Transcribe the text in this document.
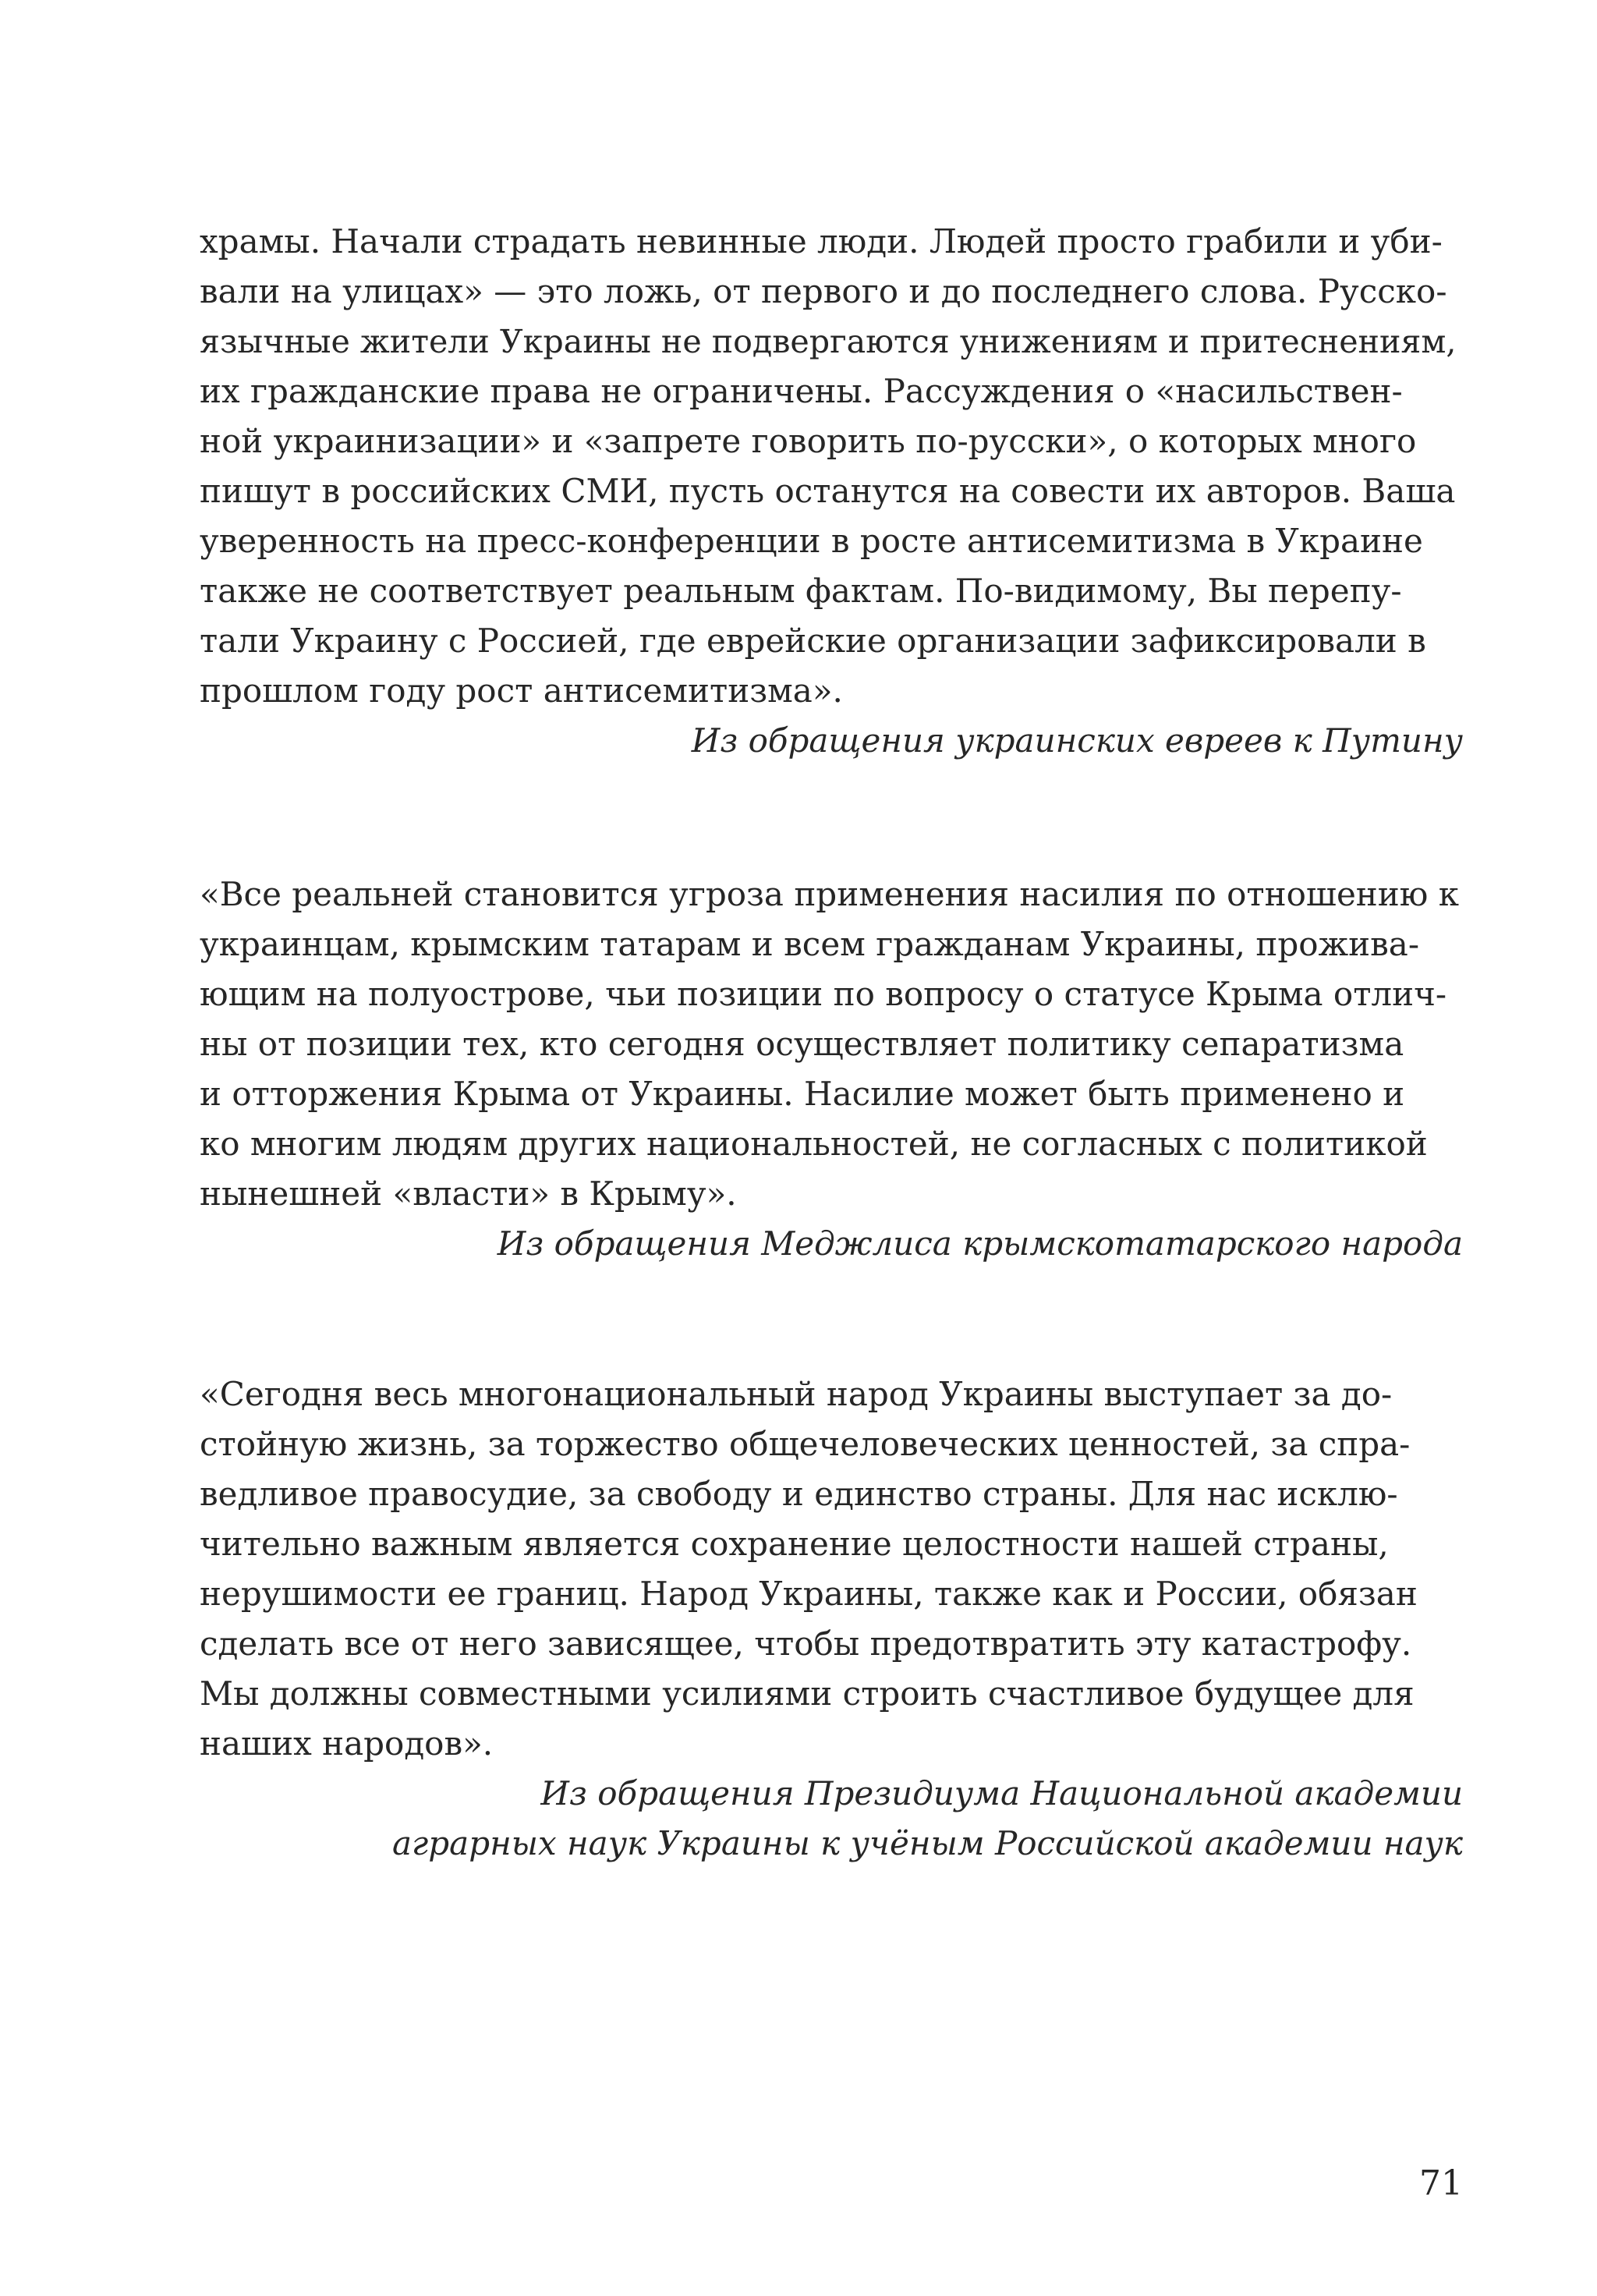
храмы. Начали страдать невинные люди. Людей просто грабили и уби-
вали на улицах» — это ложь, от первого и до последнего слова. Русско-
язычные жители Украины не подвергаются унижениям и притеснениям,
их гражданские права не ограничены. Рассуждения о «насильствен-
ной украинизации» и «запрете говорить по-русски», о которых много
пишут в российских СМИ, пусть останутся на совести их авторов. Ваша
уверенность на пресс-конференции в росте антисемитизма в Украине
также не соответствует реальным фактам. По-видимому, Вы перепу-
тали Украину с Россией, где еврейские организации зафиксировали в
прошлом году рост антисемитизма».
Из обращения украинских евреев к Путину
«Все реальней становится угроза применения насилия по отношению к
украинцам, крымским татарам и всем гражданам Украины, прожива-
ющим на полуострове, чьи позиции по вопросу о статусе Крыма отлич-
ны от позиции тех, кто сегодня осуществляет политику сепаратизма
и отторжения Крыма от Украины. Насилие может быть применено и
ко многим людям других национальностей, не согласных с политикой
нынешней «власти» в Крыму».
Из обращения Меджлиса крымскотатарского народа
«Сегодня весь многонациональный народ Украины выступает за до-
стойную жизнь, за торжество общечеловеческих ценностей, за спра-
ведливое правосудие, за свободу и единство страны. Для нас исклю-
чительно важным является сохранение целостности нашей страны,
нерушимости ее границ. Народ Украины, также как и России, обязан
сделать все от него зависящее, чтобы предотвратить эту катастрофу.
Мы должны совместными усилиями строить счастливое будущее для
наших народов».
Из обращения Президиума Национальной академии
аграрных наук Украины к учёным Российской академии наук
71
